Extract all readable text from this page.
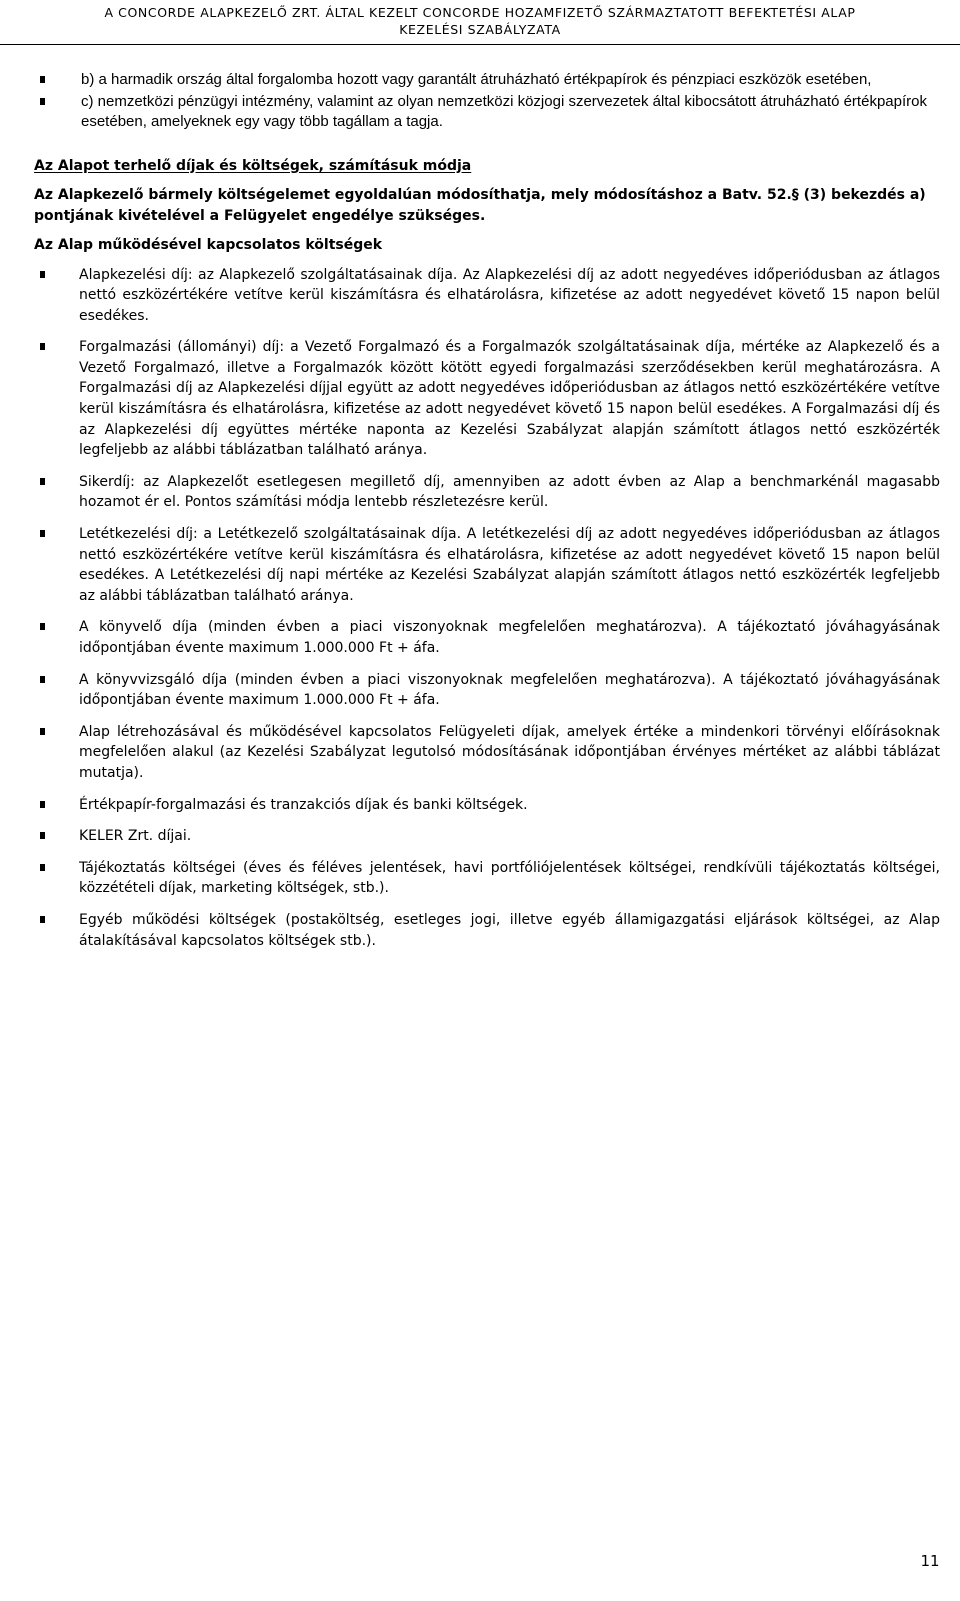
A CONCORDE ALAPKEZELŐ ZRT. ÁLTAL KEZELT CONCORDE HOZAMFIZETŐ SZÁRMAZTATOTT BEFEKTETÉSI ALAP
KEZELÉSI SZABÁLYZATA
b) a harmadik ország által forgalomba hozott vagy garantált átruházható értékpapírok és pénzpiaci eszközök esetében,
c) nemzetközi pénzügyi intézmény, valamint az olyan nemzetközi közjogi szervezetek által kibocsátott átruházható értékpapírok esetében, amelyeknek egy vagy több tagállam a tagja.
Az Alapot terhelő díjak és költségek, számításuk módja
Az Alapkezelő bármely költségelemet egyoldalúan módosíthatja, mely módosításhoz a Batv. 52.§ (3) bekezdés a) pontjának kivételével a Felügyelet engedélye szükséges.
Az Alap működésével kapcsolatos költségek
Alapkezelési díj: az Alapkezelő szolgáltatásainak díja. Az Alapkezelési díj az adott negyedéves időperiódusban az átlagos nettó eszközértékére vetítve kerül kiszámításra és elhatárolásra, kifizetése az adott negyedévet követő 15 napon belül esedékes.
Forgalmazási (állományi) díj: a Vezető Forgalmazó és a Forgalmazók szolgáltatásainak díja, mértéke az Alapkezelő és a Vezető Forgalmazó, illetve a Forgalmazók között kötött egyedi forgalmazási szerződésekben kerül meghatározásra. A Forgalmazási díj az Alapkezelési díjjal együtt az adott negyedéves időperiódusban az átlagos nettó eszközértékére vetítve kerül kiszámításra és elhatárolásra, kifizetése az adott negyedévet követő 15 napon belül esedékes. A Forgalmazási díj és az Alapkezelési díj együttes mértéke naponta az Kezelési Szabályzat alapján számított átlagos nettó eszközérték legfeljebb az alábbi táblázatban található aránya.
Sikerdíj: az Alapkezelőt esetlegesen megillető díj, amennyiben az adott évben az Alap a benchmarkénál magasabb hozamot ér el. Pontos számítási módja lentebb részletezésre kerül.
Letétkezelési díj: a Letétkezelő szolgáltatásainak díja. A letétkezelési díj az adott negyedéves időperiódusban az átlagos nettó eszközértékére vetítve kerül kiszámításra és elhatárolásra, kifizetése az adott negyedévet követő 15 napon belül esedékes. A Letétkezelési díj napi mértéke az Kezelési Szabályzat alapján számított átlagos nettó eszközérték legfeljebb az alábbi táblázatban található aránya.
A könyvelő díja (minden évben a piaci viszonyoknak megfelelően meghatározva). A tájékoztató jóváhagyásának időpontjában évente maximum 1.000.000 Ft + áfa.
A könyvvizsgáló díja (minden évben a piaci viszonyoknak megfelelően meghatározva). A tájékoztató jóváhagyásának időpontjában évente maximum 1.000.000 Ft + áfa.
Alap létrehozásával és működésével kapcsolatos Felügyeleti díjak, amelyek értéke a mindenkori törvényi előírásoknak megfelelően alakul (az Kezelési Szabályzat legutolsó módosításának időpontjában érvényes mértéket az alábbi táblázat mutatja).
Értékpapír-forgalmazási és tranzakciós díjak és banki költségek.
KELER Zrt. díjai.
Tájékoztatás költségei (éves és féléves jelentések, havi portfóliójelentések költségei, rendkívüli tájékoztatás költségei, közzétételi díjak, marketing költségek, stb.).
Egyéb működési költségek (postaköltség, esetleges jogi, illetve egyéb államigazgatási eljárások költségei, az Alap átalakításával kapcsolatos költségek stb.).
11
